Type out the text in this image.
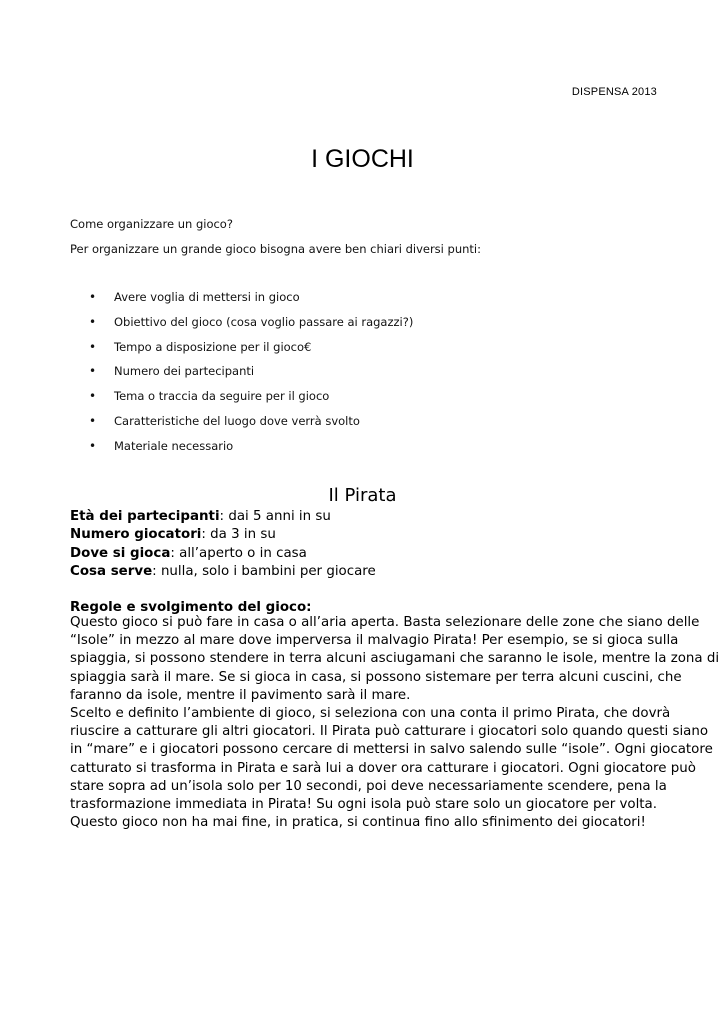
DISPENSA 2013
I GIOCHI
Come organizzare un gioco?
Per organizzare un grande gioco bisogna avere ben chiari diversi punti:
• Avere voglia di mettersi in gioco
• Obiettivo del gioco (cosa voglio passare ai ragazzi?)
• Tempo a disposizione per il gioco€
• Numero dei partecipanti
• Tema o traccia da seguire per il gioco
• Caratteristiche del luogo dove verrà svolto
• Materiale necessario
Il Pirata
Età dei partecipanti: dai 5 anni in su
Numero giocatori: da 3 in su
Dove si gioca: all’aperto o in casa
Cosa serve: nulla, solo i bambini per giocare
Regole e svolgimento del gioco:
Questo gioco si può fare in casa o all’aria aperta. Basta selezionare delle zone che siano delle
“Isole” in mezzo al mare dove imperversa il malvagio Pirata! Per esempio, se si gioca sulla
spiaggia, si possono stendere in terra alcuni asciugamani che saranno le isole, mentre la zona di
spiaggia sarà il mare. Se si gioca in casa, si possono sistemare per terra alcuni cuscini, che
faranno da isole, mentre il pavimento sarà il mare.
Scelto e definito l’ambiente di gioco, si seleziona con una conta il primo Pirata, che dovrà
riuscire a catturare gli altri giocatori. Il Pirata può catturare i giocatori solo quando questi siano
in “mare” e i giocatori possono cercare di mettersi in salvo salendo sulle “isole”. Ogni giocatore
catturato si trasforma in Pirata e sarà lui a dover ora catturare i giocatori. Ogni giocatore può
stare sopra ad un’isola solo per 10 secondi, poi deve necessariamente scendere, pena la
trasformazione immediata in Pirata! Su ogni isola può stare solo un giocatore per volta.
Questo gioco non ha mai fine, in pratica, si continua fino allo sfinimento dei giocatori!
